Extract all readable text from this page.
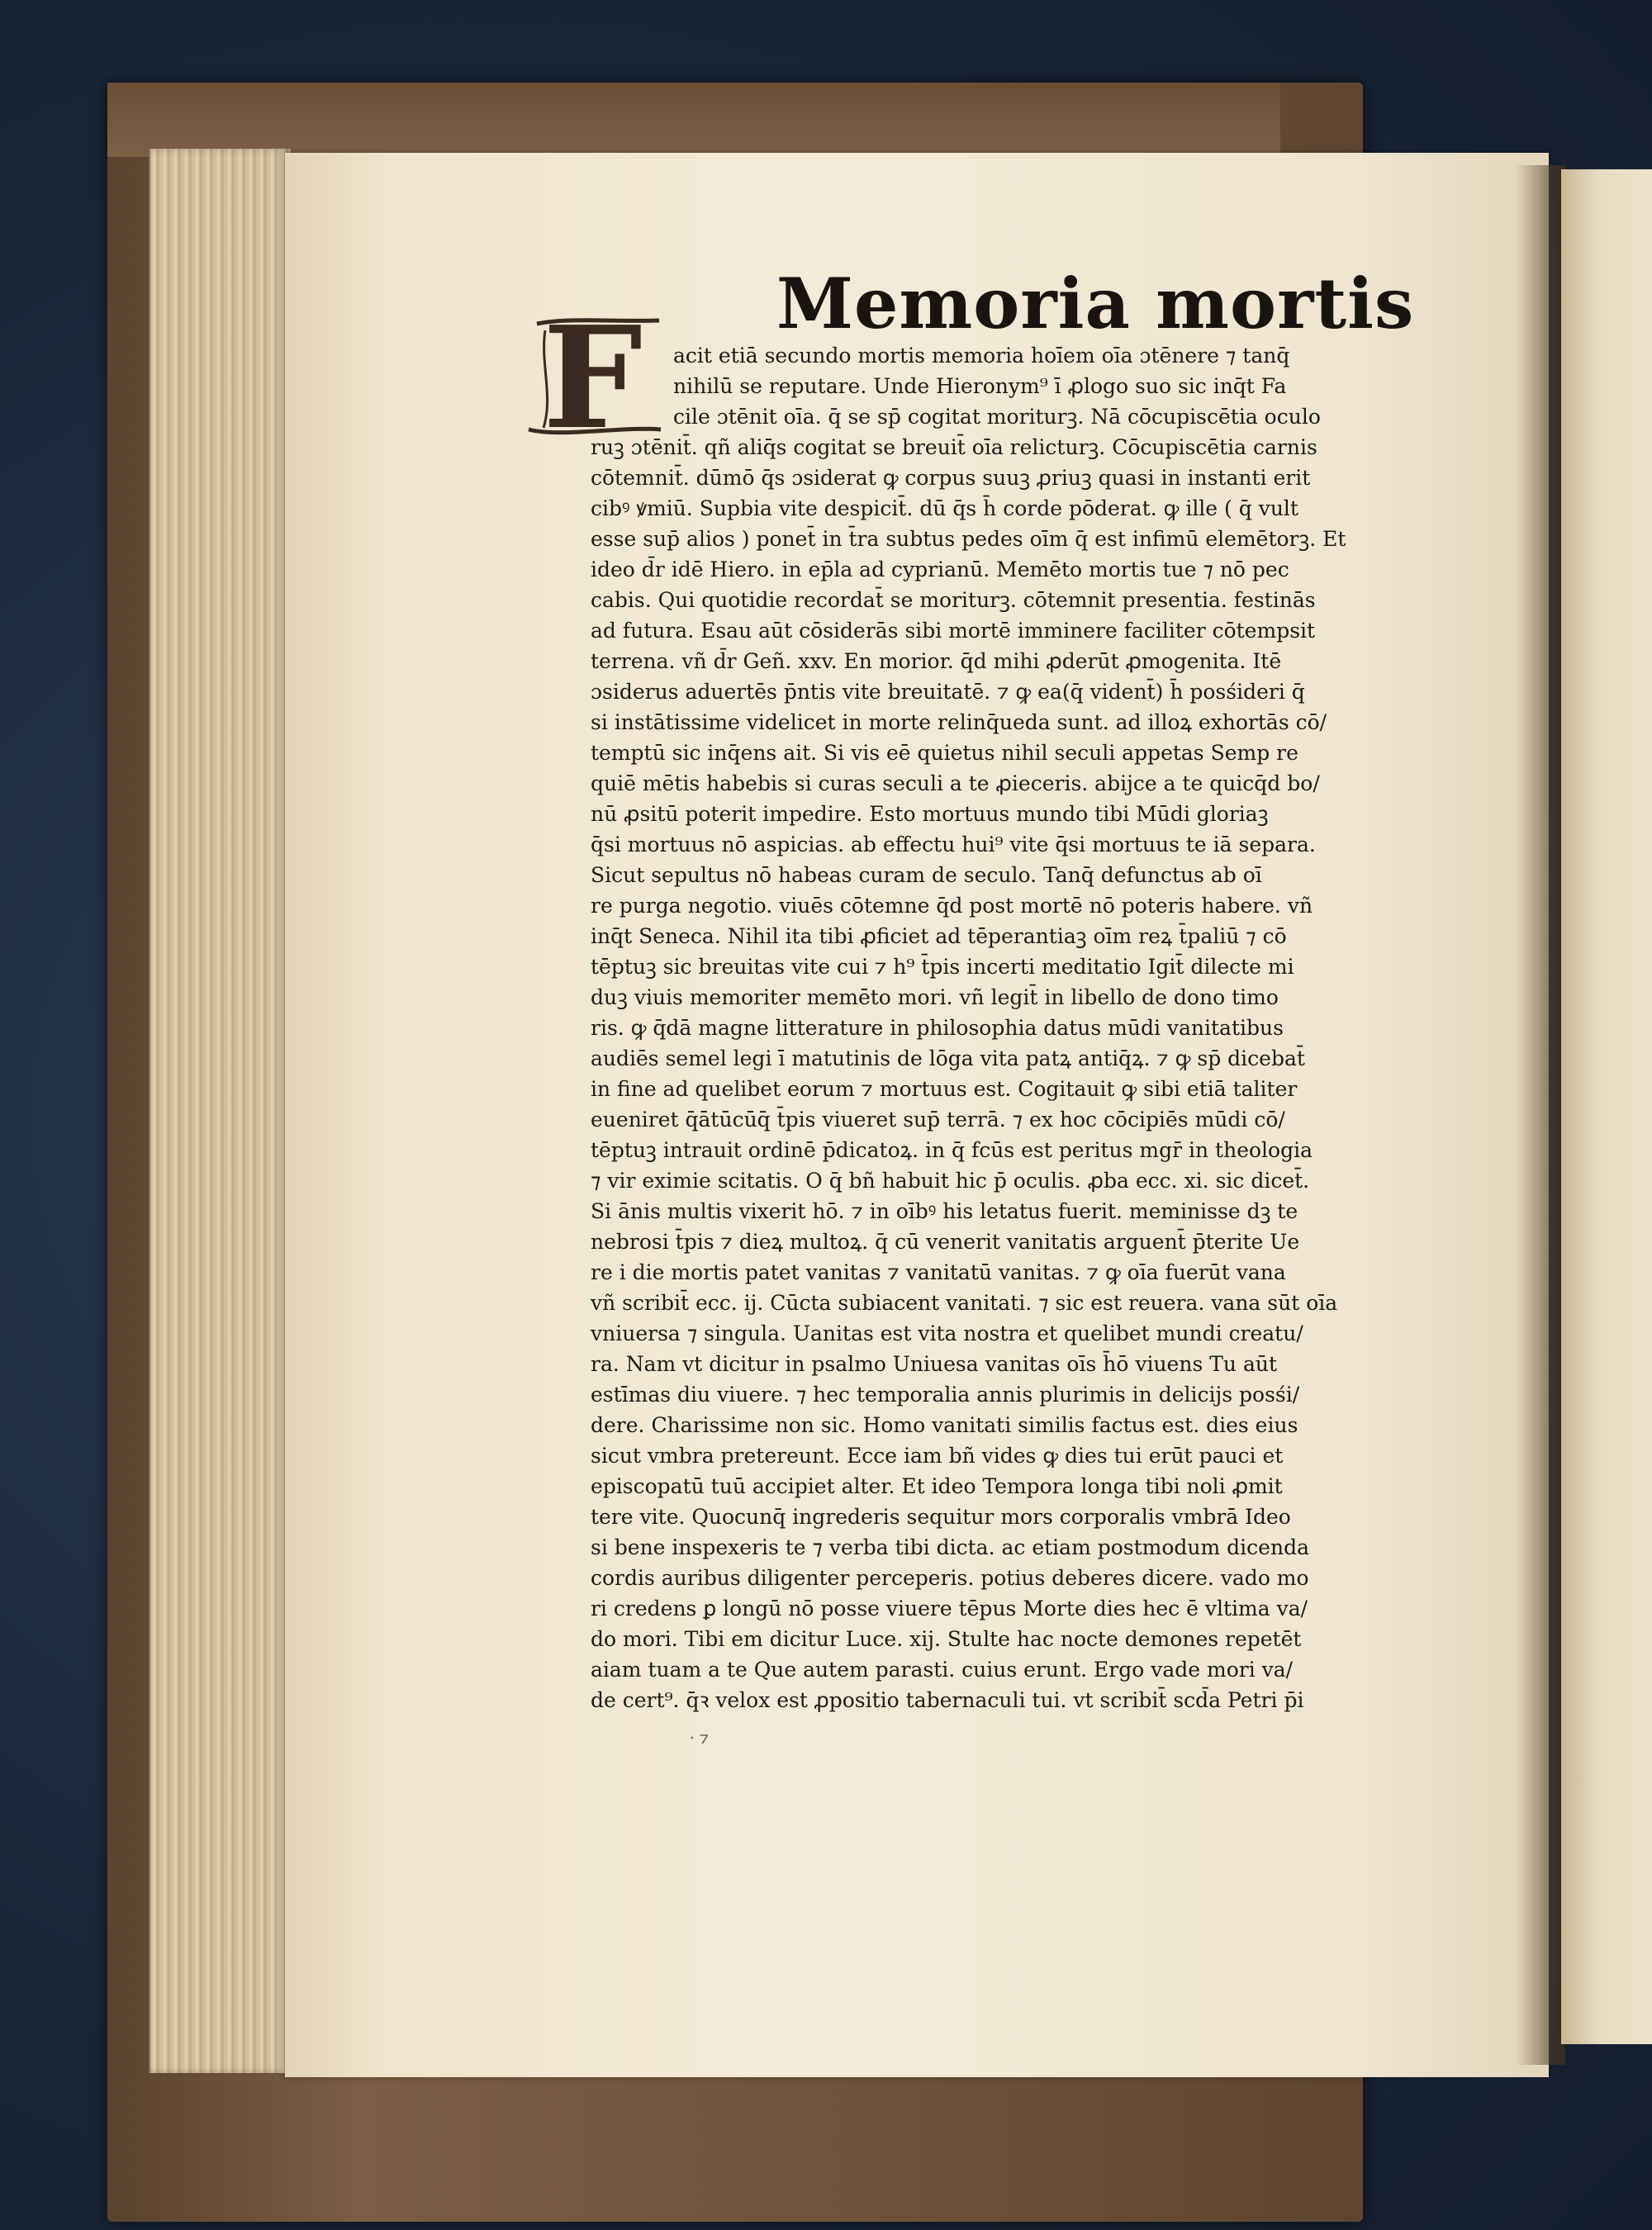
Memoria mortis
F	acit etiā secundo mortis memoria hoīem oīa ɔtēnere ⁊ tanq̄
nihilū se reputare. Unde Hieronym⁹ ī ꝓlogo suo sic inq̄t Fa
cile ɔtēnit oīa. q̄ se sp̄ cogitat moriturꝫ. Nā cōcupiscētia oculo
ruꝫ ɔtēnit̄. qñ aliq̄s cogitat se breuit̄ oīa relicturꝫ. Cōcupiscētia carnis
cōtemnit̄. dūmō q̄s ɔsiderat ꝙ corpus suuꝫ ꝓriuꝫ quasi in instanti erit
cibꝰ ꝟmiū. Supbia vite despicit̄. dū q̄s h̄ corde pōderat. ꝙ ille ( q̄ vult
esse sup̄ alios ) ponet̄ in t̄ra subtus pedes oīm q̄ est infimū elemētorꝫ. Et
ideo d̄r idē Hiero. in ep̄la ad cyprianū. Memēto mortis tue ⁊ nō pec
cabis. Qui quotidie recordat̄ se moriturꝫ. cōtemnit presentia. festinās
ad futura. Esau aūt cōsiderās sibi mortē imminere faciliter cōtempsit
terrena. vñ d̄r Geñ. xxv. En morior. q̄d mihi ꝓderūt ꝓmogenita. Itē
ɔsiderus aduertēs p̄ntis vite breuitatē. ⁊ ꝙ ea(q̄ vident̄) h̄ posśideri q̄
si instātissime videlicet in morte relinq̄ueda sunt. ad illoꝝ exhortās cō/
temptū sic inq̄ens ait. Si vis eē quietus nihil seculi appetas Semp re
quiē mētis habebis si curas seculi a te ꝓieceris. abijce a te quicq̄d bo/
nū ꝓsitū poterit impedire. Esto mortuus mundo tibi Mūdi gloriaꝫ
q̄si mortuus nō aspicias. ab effectu hui⁹ vite q̄si mortuus te iā separa.
Sicut sepultus nō habeas curam de seculo. Tanq̄ defunctus ab oī
re purga negotio. viuēs cōtemne q̄d post mortē nō poteris habere. vñ
inq̄t Seneca. Nihil ita tibi ꝓficiet ad tēperantiaꝫ oīm reꝝ t̄paliū ⁊ cō
tēptuꝫ sic breuitas vite cui ⁊ h⁹ t̄pis incerti meditatio Igit̄ dilecte mi
duꝫ viuis memoriter memēto mori. vñ legit̄ in libello de dono timo
ris. ꝙ q̄dā magne litterature in philosophia datus mūdi vanitatibus
audiēs semel legi ī matutinis de lōga vita patꝝ antiq̄ꝝ. ⁊ ꝙ sp̄ dicebat̄
in fine ad quelibet eorum ⁊ mortuus est. Cogitauit ꝙ sibi etiā taliter
eueniret q̄ātūcūq̄ t̄pis viueret sup̄ terrā. ⁊ ex hoc cōcipiēs mūdi cō/
tēptuꝫ intrauit ordinē p̄dicatoꝝ. in q̄ fcūs est peritus mgr̄ in theologia
⁊ vir eximie scitatis. O q̄ bñ habuit hic p̄ oculis. ꝓba ecc. xi. sic dicet̄.
Si ānis multis vixerit hō. ⁊ in oībꝰ his letatus fuerit. meminisse dꝫ te
nebrosi t̄pis ⁊ dieꝝ multoꝝ. q̄ cū venerit vanitatis arguent̄ p̄terite Ue
re i die mortis patet vanitas ⁊ vanitatū vanitas. ⁊ ꝙ oīa fuerūt vana
vñ scribit̄ ecc. ij. Cūcta subiacent vanitati. ⁊ sic est reuera. vana sūt oīa
vniuersa ⁊ singula. Uanitas est vita nostra et quelibet mundi creatu/
ra. Nam vt dicitur in psalmo Uniuesa vanitas oīs h̄ō viuens Tu aūt
estīmas diu viuere. ⁊ hec temporalia annis plurimis in delicijs posśi/
dere. Charissime non sic. Homo vanitati similis factus est. dies eius
sicut vmbra pretereunt. Ecce iam bñ vides ꝙ dies tui erūt pauci et
episcopatū tuū accipiet alter. Et ideo Tempora longa tibi noli ꝓmit
tere vite. Quocunq̄ ingrederis sequitur mors corporalis vmbrā Ideo
si bene inspexeris te ⁊ verba tibi dicta. ac etiam postmodum dicenda
cordis auribus diligenter perceperis. potius deberes dicere. vado mo
ri credens ꝑ longū nō posse viuere tēpus Morte dies hec ē vltima va/
do mori. Tibi em dicitur Luce. xij. Stulte hac nocte demones repetēt
aiam tuam a te Que autem parasti. cuius erunt. Ergo vade mori va/
de cert⁹. q̄ꝛ velox est ꝓpositio tabernaculi tui. vt scribit̄ scd̄a Petri p̄i
⸱ ⁊
